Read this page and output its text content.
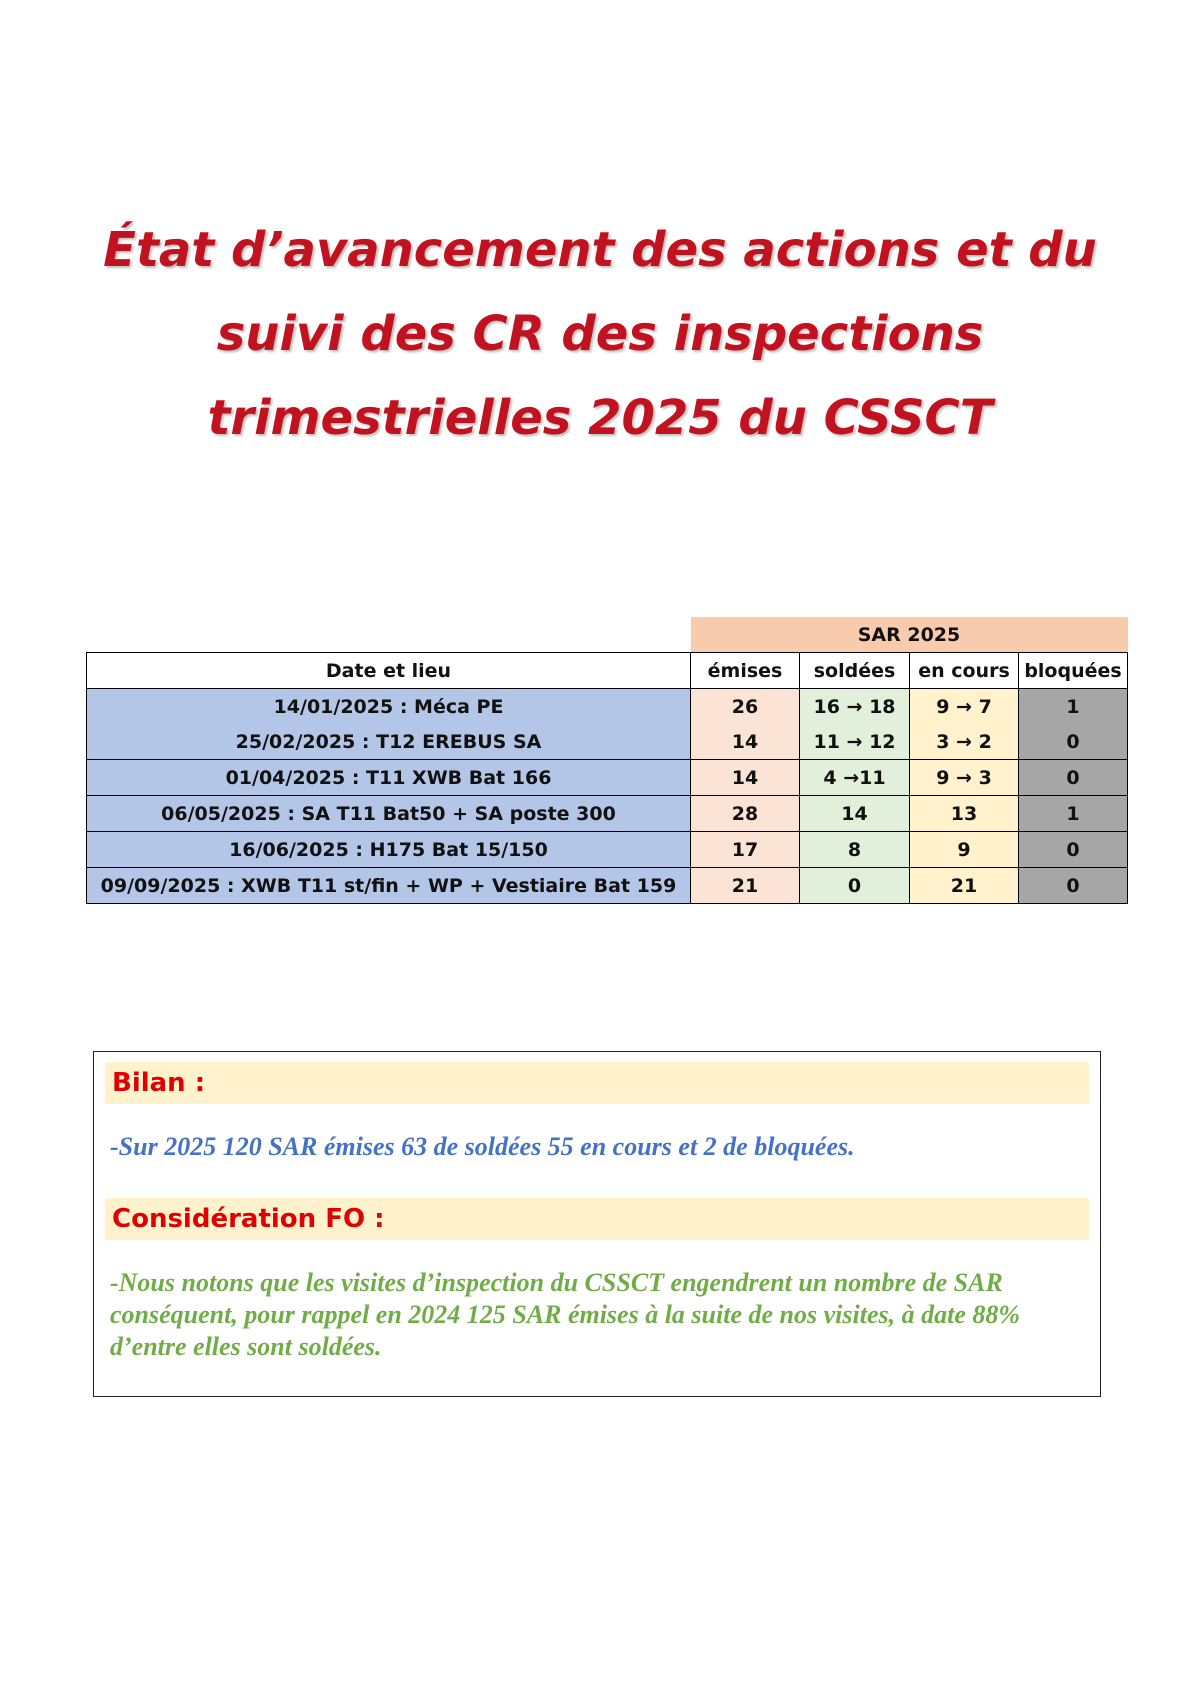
État d’avancement des actions et du
suivi des CR des inspections
trimestrielles 2025 du CSSCT
	SAR 2025			
Date et lieu	émises	soldées	en cours	bloquées
14/01/2025 : Méca PE	26	16 → 18	9 → 7	1
25/02/2025 : T12 EREBUS SA	14	11 → 12	3 → 2	0
01/04/2025 : T11 XWB Bat 166	14	4 →11	9 → 3	0
06/05/2025 : SA T11 Bat50 + SA poste 300	28	14	13	1
16/06/2025 : H175 Bat 15/150	17	8	9	0
09/09/2025 : XWB T11 st/fin + WP + Vestiaire Bat 159	21	0	21	0
Bilan :
-Sur 2025 120 SAR émises 63 de soldées 55 en cours et 2 de bloquées.
Considération FO :
-Nous notons que les visites d’inspection du CSSCT engendrent un nombre de SAR conséquent, pour rappel en 2024 125 SAR émises à la suite de nos visites, à date 88% d’entre elles sont soldées.
